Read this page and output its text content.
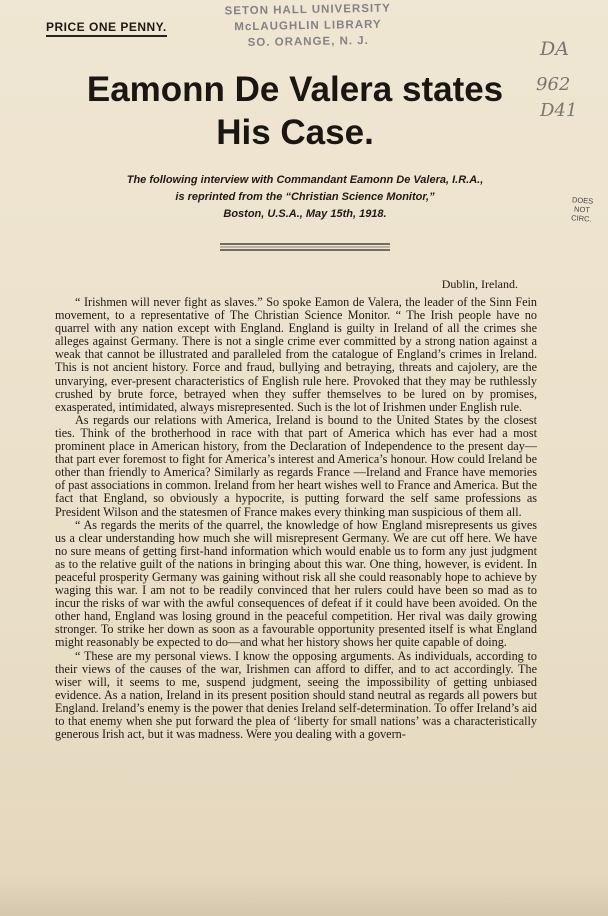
PRICE ONE PENNY.
SETON HALL UNIVERSITY
McLAUGHLIN LIBRARY
SO. ORANGE, N. J.	DA
962
D41
DOES
NOT
CIRC.
Eamonn De Valera states
His Case.
The following interview with Commandant Eamonn De Valera, I.R.A.,
is reprinted from the “Christian Science Monitor,”
Boston, U.S.A., May 15th, 1918.
Dublin, Ireland.

“ Irishmen will never fight as slaves.” So spoke Eamon de Valera, the leader of the Sinn Fein movement, to a representative of The Christian Science Monitor. “ The Irish people have no quarrel with any nation except with England. England is guilty in Ireland of all the crimes she alleges against Germany. There is not a single crime ever committed by a strong nation against a weak that cannot be illustrated and paralleled from the catalogue of England’s crimes in Ireland. This is not ancient history. Force and fraud, bullying and betraying, threats and cajolery, are the unvarying, ever-present characteristics of English rule here. Provoked that they may be ruthlessly crushed by brute force, betrayed when they suffer themselves to be lured on by promises, exasperated, intimidated, always misrepresented. Such is the lot of Irishmen under English rule.

As regards our relations with America, Ireland is bound to the United States by the closest ties. Think of the brotherhood in race with that part of America which has ever had a most prominent place in American history, from the Declaration of Independence to the present day—that part ever foremost to fight for America’s interest and America’s honour. How could Ireland be other than friendly to America? Similarly as regards France —Ireland and France have memories of past associations in common. Ireland from her heart wishes well to France and America. But the fact that England, so obviously a hypocrite, is putting forward the self same professions as President Wilson and the statesmen of France makes every thinking man suspicious of them all.

“ As regards the merits of the quarrel, the knowledge of how England misrepresents us gives us a clear understanding how much she will misrepresent Germany. We are cut off here. We have no sure means of getting first-hand information which would enable us to form any just judgment as to the relative guilt of the nations in bringing about this war. One thing, however, is evident. In peaceful prosperity Germany was gaining without risk all she could reasonably hope to achieve by waging this war. I am not to be readily convinced that her rulers could have been so mad as to incur the risks of war with the awful consequences of defeat if it could have been avoided. On the other hand, England was losing ground in the peaceful competition. Her rival was daily growing stronger. To strike her down as soon as a favourable opportunity presented itself is what England might reasonably be expected to do—and what her history shows her quite capable of doing.

“ These are my personal views. I know the opposing arguments. As individuals, according to their views of the causes of the war, Irishmen can afford to differ, and to act accordingly. The wiser will, it seems to me, suspend judgment, seeing the impossibility of getting unbiased evidence. As a nation, Ireland in its present position should stand neutral as regards all powers but England. Ireland’s enemy is the power that denies Ireland self-determination. To offer Ireland’s aid to that enemy when she put forward the plea of ‘liberty for small nations’ was a characteristically generous Irish act, but it was madness. Were you dealing with a govern-
